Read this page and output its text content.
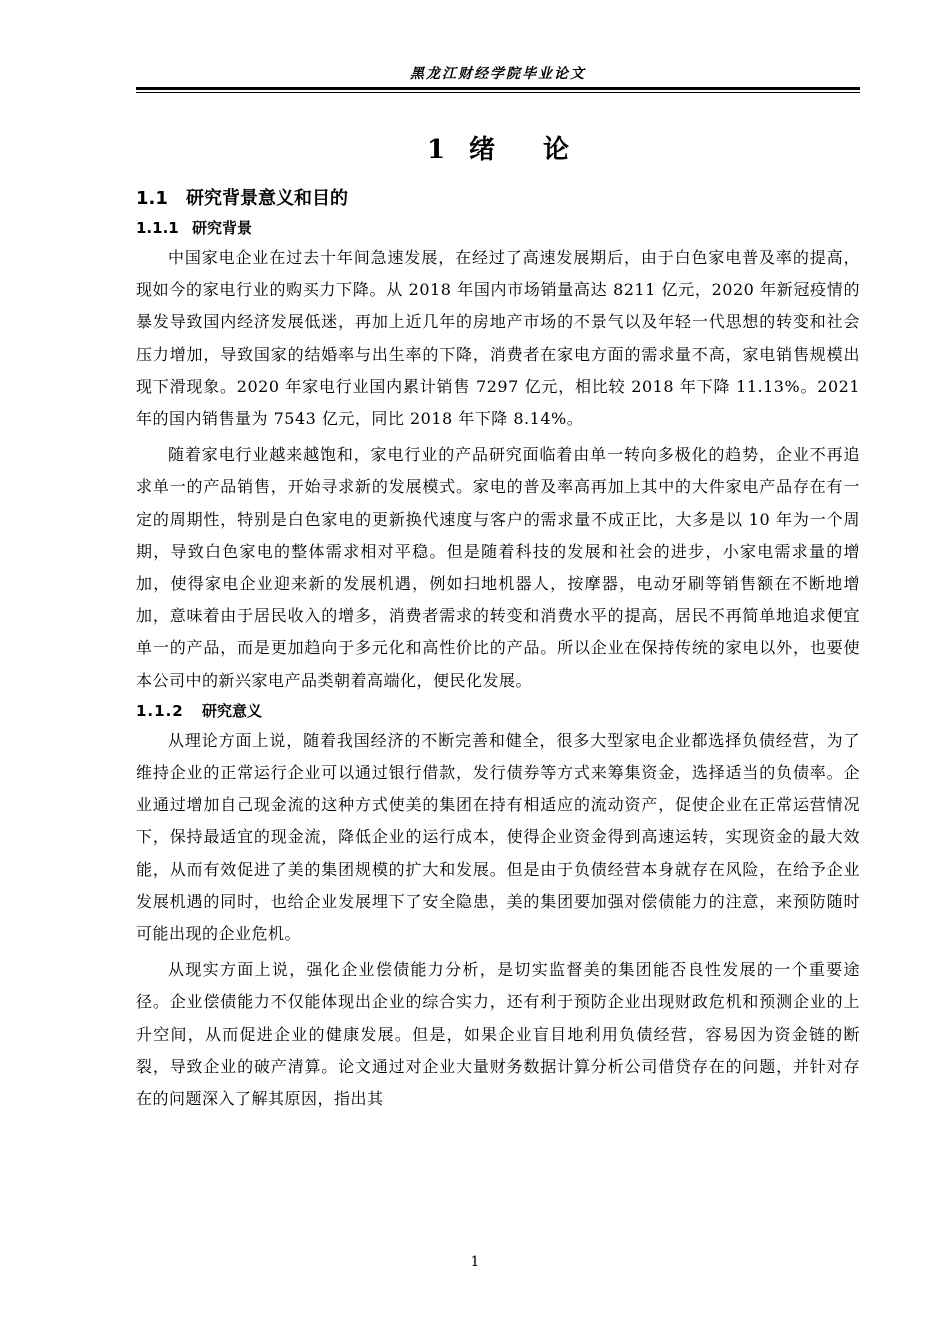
黑龙江财经学院毕业论文
1 绪 论
1.1 研究背景意义和目的
1.1.1 研究背景

中国家电企业在过去十年间急速发展，在经过了高速发展期后，由于白色家电普及率的提高，现如今的家电行业的购买力下降。从 2018 年国内市场销量高达 8211 亿元，2020 年新冠疫情的暴发导致国内经济发展低迷，再加上近几年的房地产市场的不景气以及年轻一代思想的转变和社会压力增加，导致国家的结婚率与出生率的下降，消费者在家电方面的需求量不高，家电销售规模出现下滑现象。2020 年家电行业国内累计销售 7297 亿元，相比较 2018 年下降 11.13%。2021 年的国内销售量为 7543 亿元，同比 2018 年下降 8.14%。

随着家电行业越来越饱和，家电行业的产品研究面临着由单一转向多极化的趋势，企业不再追求单一的产品销售，开始寻求新的发展模式。家电的普及率高再加上其中的大件家电产品存在有一定的周期性，特别是白色家电的更新换代速度与客户的需求量不成正比，大多是以 10 年为一个周期，导致白色家电的整体需求相对平稳。但是随着科技的发展和社会的进步，小家电需求量的增加，使得家电企业迎来新的发展机遇，例如扫地机器人，按摩器，电动牙刷等销售额在不断地增加，意味着由于居民收入的增多，消费者需求的转变和消费水平的提高，居民不再简单地追求便宜单一的产品，而是更加趋向于多元化和高性价比的产品。所以企业在保持传统的家电以外，也要使本公司中的新兴家电产品类朝着高端化，便民化发展。

1.1.2 研究意义

从理论方面上说，随着我国经济的不断完善和健全，很多大型家电企业都选择负债经营，为了维持企业的正常运行企业可以通过银行借款，发行债券等方式来筹集资金，选择适当的负债率。企业通过增加自己现金流的这种方式使美的集团在持有相适应的流动资产，促使企业在正常运营情况下，保持最适宜的现金流，降低企业的运行成本，使得企业资金得到高速运转，实现资金的最大效能，从而有效促进了美的集团规模的扩大和发展。但是由于负债经营本身就存在风险，在给予企业发展机遇的同时，也给企业发展埋下了安全隐患，美的集团要加强对偿债能力的注意，来预防随时可能出现的企业危机。

从现实方面上说，强化企业偿债能力分析，是切实监督美的集团能否良性发展的一个重要途径。企业偿债能力不仅能体现出企业的综合实力，还有利于预防企业出现财政危机和预测企业的上升空间，从而促进企业的健康发展。但是，如果企业盲目地利用负债经营，容易因为资金链的断裂，导致企业的破产清算。论文通过对企业大量财务数据计算分析公司借贷存在的问题，并针对存在的问题深入了解其原因，指出其

1
